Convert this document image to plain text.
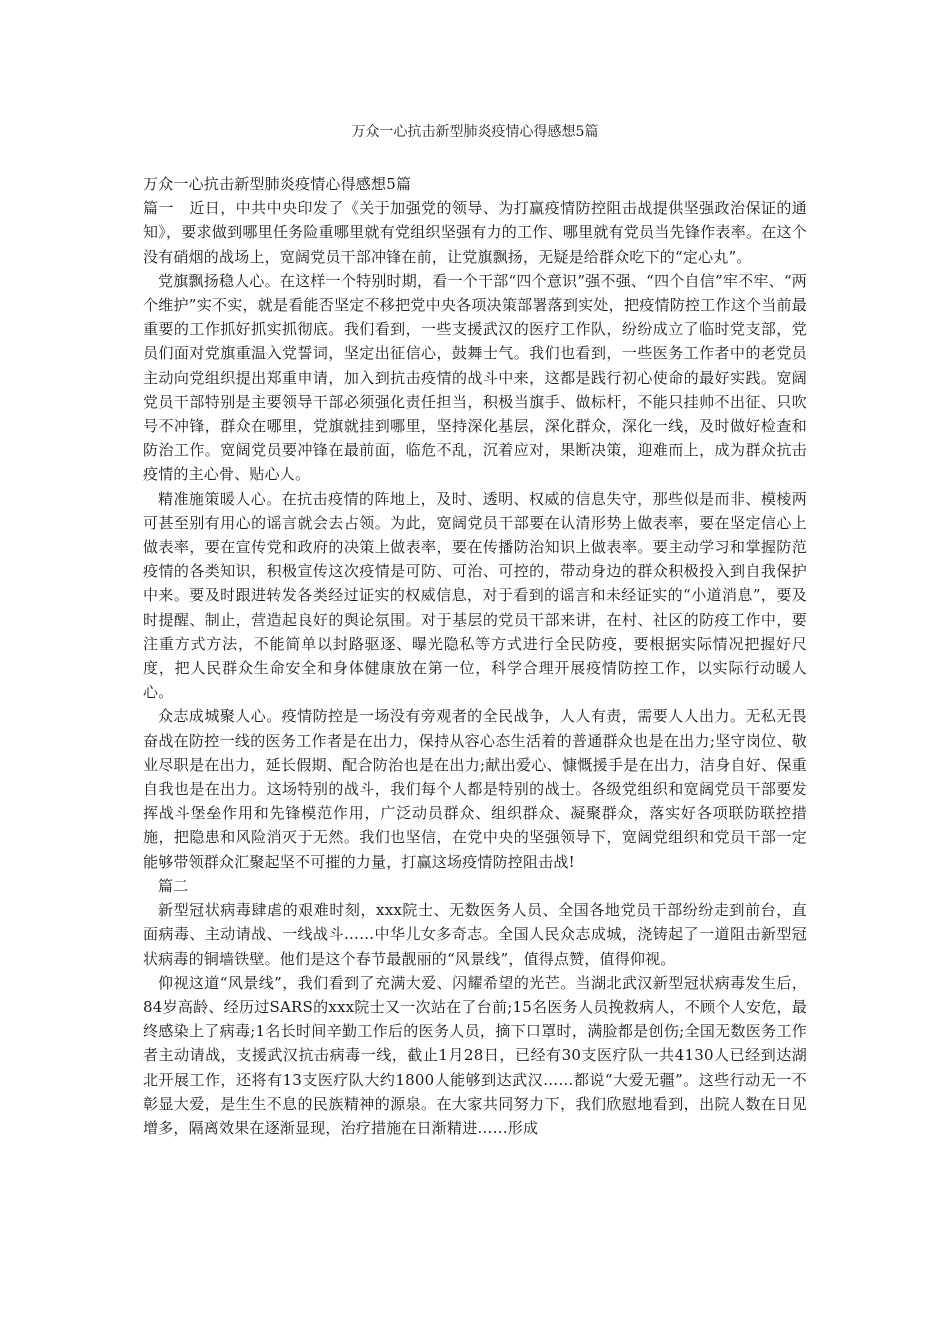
万众一心抗击新型肺炎疫情心得感想5篇

万众一心抗击新型肺炎疫情心得感想5篇

篇一　近日，中共中央印发了《关于加强党的领导、为打赢疫情防控阻击战提供坚强政治保证的通知》，要求做到哪里任务险重哪里就有党组织坚强有力的工作、哪里就有党员当先锋作表率。在这个没有硝烟的战场上，宽阔党员干部冲锋在前，让党旗飘扬，无疑是给群众吃下的“定心丸”。

党旗飘扬稳人心。在这样一个特别时期，看一个干部“四个意识”强不强、“四个自信”牢不牢、“两个维护”实不实，就是看能否坚定不移把党中央各项决策部署落到实处，把疫情防控工作这个当前最重要的工作抓好抓实抓彻底。我们看到，一些支援武汉的医疗工作队，纷纷成立了临时党支部，党员们面对党旗重温入党誓词，坚定出征信心，鼓舞士气。我们也看到，一些医务工作者中的老党员主动向党组织提出郑重申请，加入到抗击疫情的战斗中来，这都是践行初心使命的最好实践。宽阔党员干部特别是主要领导干部必须强化责任担当，积极当旗手、做标杆，不能只挂帅不出征、只吹号不冲锋，群众在哪里，党旗就挂到哪里，坚持深化基层，深化群众，深化一线，及时做好检查和防治工作。宽阔党员要冲锋在最前面，临危不乱，沉着应对，果断决策，迎难而上，成为群众抗击疫情的主心骨、贴心人。

精准施策暖人心。在抗击疫情的阵地上，及时、透明、权威的信息失守，那些似是而非、模棱两可甚至别有用心的谣言就会去占领。为此，宽阔党员干部要在认清形势上做表率，要在坚定信心上做表率，要在宣传党和政府的决策上做表率，要在传播防治知识上做表率。要主动学习和掌握防范疫情的各类知识，积极宣传这次疫情是可防、可治、可控的，带动身边的群众积极投入到自我保护中来。要及时跟进转发各类经过证实的权威信息，对于看到的谣言和未经证实的“小道消息”，要及时提醒、制止，营造起良好的舆论氛围。对于基层的党员干部来讲，在村、社区的防疫工作中，要注重方式方法，不能简单以封路驱逐、曝光隐私等方式进行全民防疫，要根据实际情况把握好尺度，把人民群众生命安全和身体健康放在第一位，科学合理开展疫情防控工作，以实际行动暖人心。

众志成城聚人心。疫情防控是一场没有旁观者的全民战争，人人有责，需要人人出力。无私无畏奋战在防控一线的医务工作者是在出力，保持从容心态生活着的普通群众也是在出力;坚守岗位、敬业尽职是在出力，延长假期、配合防治也是在出力;献出爱心、慷慨援手是在出力，洁身自好、保重自我也是在出力。这场特别的战斗，我们每个人都是特别的战士。各级党组织和宽阔党员干部要发挥战斗堡垒作用和先锋模范作用，广泛动员群众、组织群众、凝聚群众，落实好各项联防联控措施，把隐患和风险消灭于无然。我们也坚信，在党中央的坚强领导下，宽阔党组织和党员干部一定能够带领群众汇聚起坚不可摧的力量，打赢这场疫情防控阻击战!

篇二

新型冠状病毒肆虐的艰难时刻，xxx院士、无数医务人员、全国各地党员干部纷纷走到前台，直面病毒、主动请战、一线战斗……中华儿女多奇志。全国人民众志成城，浇铸起了一道阻击新型冠状病毒的铜墙铁壁。他们是这个春节最靓丽的“风景线”，值得点赞，值得仰视。

仰视这道“风景线”，我们看到了充满大爱、闪耀希望的光芒。当湖北武汉新型冠状病毒发生后，84岁高龄、经历过SARS的xxx院士又一次站在了台前;15名医务人员挽救病人，不顾个人安危，最终感染上了病毒;1名长时间辛勤工作后的医务人员，摘下口罩时，满脸都是创伤;全国无数医务工作者主动请战，支援武汉抗击病毒一线，截止1月28日，已经有30支医疗队一共4130人已经到达湖北开展工作，还将有13支医疗队大约1800人能够到达武汉……都说“大爱无疆”。这些行动无一不彰显大爱，是生生不息的民族精神的源泉。在大家共同努力下，我们欣慰地看到，出院人数在日见增多，隔离效果在逐渐显现，治疗措施在日渐精进……形成
